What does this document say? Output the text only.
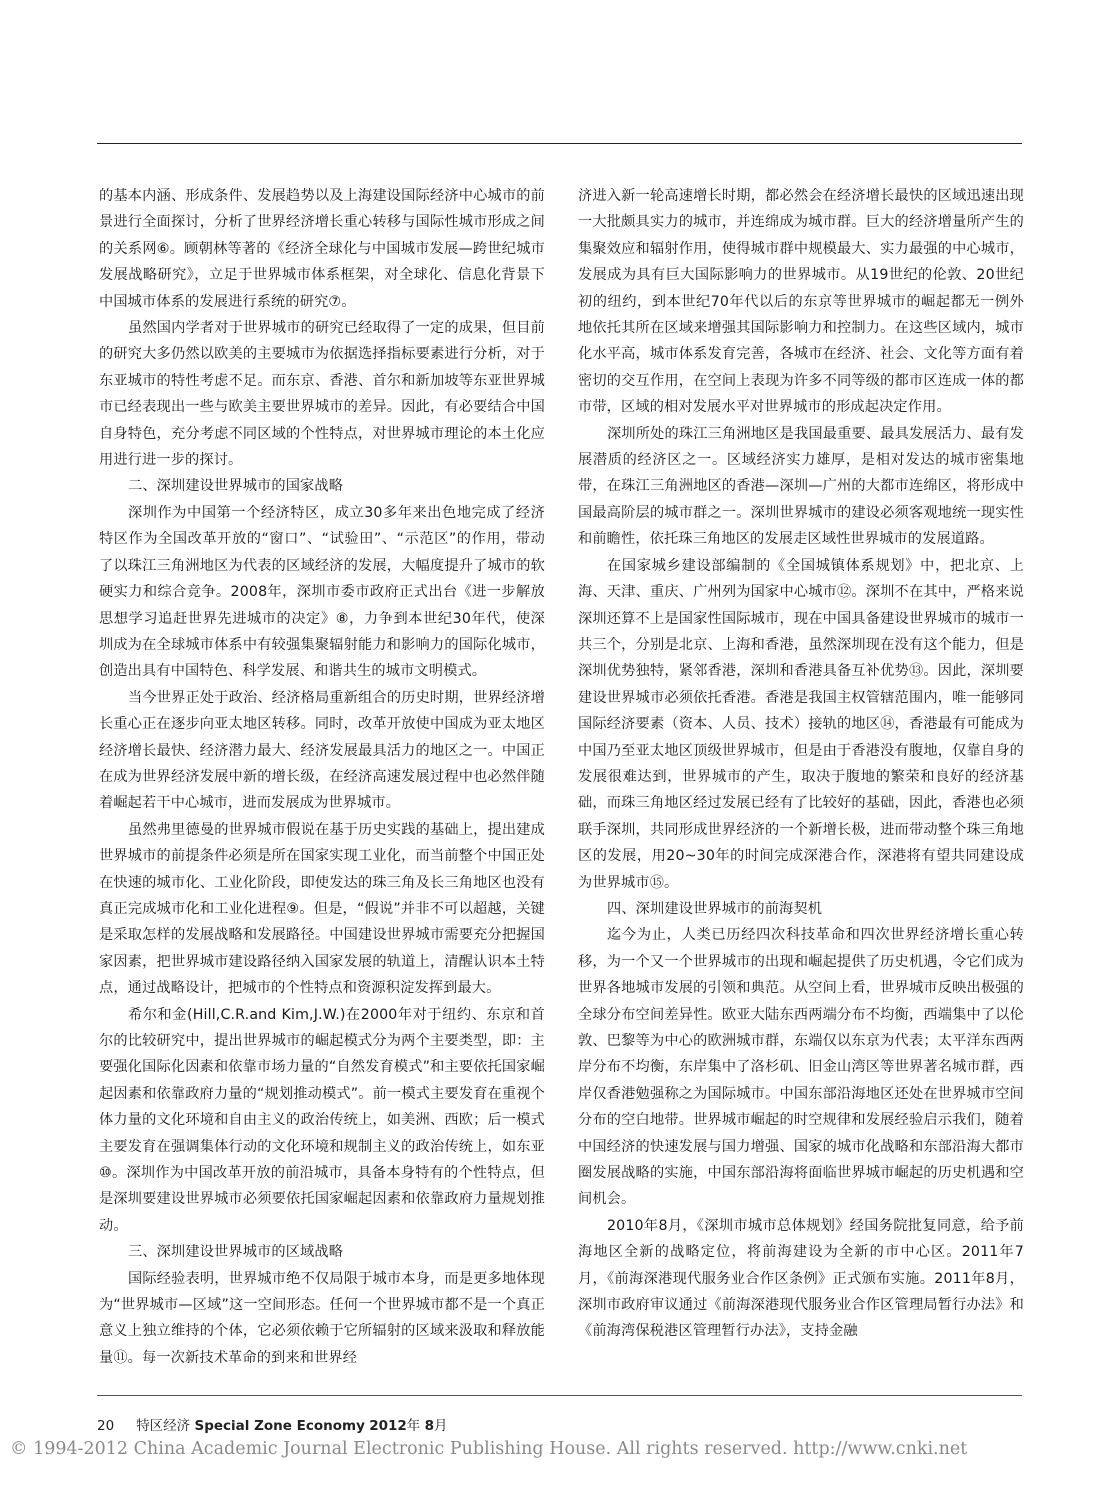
的基本内涵、形成条件、发展趋势以及上海建设国际经济中心城市的前景进行全面探讨，分析了世界经济增长重心转移与国际性城市形成之间的关系网⑥。顾朝林等著的《经济全球化与中国城市发展—跨世纪城市发展战略研究》，立足于世界城市体系框架，对全球化、信息化背景下中国城市体系的发展进行系统的研究⑦。

虽然国内学者对于世界城市的研究已经取得了一定的成果，但目前的研究大多仍然以欧美的主要城市为依据选择指标要素进行分析，对于东亚城市的特性考虑不足。而东京、香港、首尔和新加坡等东亚世界城市已经表现出一些与欧美主要世界城市的差异。因此，有必要结合中国自身特色，充分考虑不同区域的个性特点，对世界城市理论的本土化应用进行进一步的探讨。

二、深圳建设世界城市的国家战略

深圳作为中国第一个经济特区，成立30多年来出色地完成了经济特区作为全国改革开放的“窗口”、“试验田”、“示范区”的作用，带动了以珠江三角洲地区为代表的区域经济的发展，大幅度提升了城市的软硬实力和综合竞争。2008年，深圳市委市政府正式出台《进一步解放思想学习追赶世界先进城市的决定》⑧，力争到本世纪30年代，使深圳成为在全球城市体系中有较强集聚辐射能力和影响力的国际化城市，创造出具有中国特色、科学发展、和谐共生的城市文明模式。

当今世界正处于政治、经济格局重新组合的历史时期，世界经济增长重心正在逐步向亚太地区转移。同时，改革开放使中国成为亚太地区经济增长最快、经济潜力最大、经济发展最具活力的地区之一。中国正在成为世界经济发展中新的增长级，在经济高速发展过程中也必然伴随着崛起若干中心城市，进而发展成为世界城市。

虽然弗里德曼的世界城市假说在基于历史实践的基础上，提出建成世界城市的前提条件必须是所在国家实现工业化，而当前整个中国正处在快速的城市化、工业化阶段，即使发达的珠三角及长三角地区也没有真正完成城市化和工业化进程⑨。但是，“假说”并非不可以超越，关键是采取怎样的发展战略和发展路径。中国建设世界城市需要充分把握国家因素，把世界城市建设路径纳入国家发展的轨道上，清醒认识本土特点，通过战略设计，把城市的个性特点和资源积淀发挥到最大。

希尔和金(Hill,C.R.and Kim,J.W.)在2000年对于纽约、东京和首尔的比较研究中，提出世界城市的崛起模式分为两个主要类型，即：主要强化国际化因素和依靠市场力量的“自然发育模式”和主要依托国家崛起因素和依靠政府力量的“规划推动模式”。前一模式主要发育在重视个体力量的文化环境和自由主义的政治传统上，如美洲、西欧；后一模式主要发育在强调集体行动的文化环境和规制主义的政治传统上，如东亚⑩。深圳作为中国改革开放的前沿城市，具备本身特有的个性特点，但是深圳要建设世界城市必须要依托国家崛起因素和依靠政府力量规划推动。

三、深圳建设世界城市的区域战略

国际经验表明，世界城市绝不仅局限于城市本身，而是更多地体现为“世界城市—区域”这一空间形态。任何一个世界城市都不是一个真正意义上独立维持的个体，它必须依赖于它所辐射的区域来汲取和释放能量⑪。每一次新技术革命的到来和世界经

济进入新一轮高速增长时期，都必然会在经济增长最快的区域迅速出现一大批颇具实力的城市，并连绵成为城市群。巨大的经济增量所产生的集聚效应和辐射作用，使得城市群中规模最大、实力最强的中心城市，发展成为具有巨大国际影响力的世界城市。从19世纪的伦敦、20世纪初的纽约，到本世纪70年代以后的东京等世界城市的崛起都无一例外地依托其所在区域来增强其国际影响力和控制力。在这些区域内，城市化水平高，城市体系发育完善，各城市在经济、社会、文化等方面有着密切的交互作用，在空间上表现为许多不同等级的都市区连成一体的都市带，区域的相对发展水平对世界城市的形成起决定作用。

深圳所处的珠江三角洲地区是我国最重要、最具发展活力、最有发展潜质的经济区之一。区域经济实力雄厚，是相对发达的城市密集地带，在珠江三角洲地区的香港—深圳—广州的大都市连绵区，将形成中国最高阶层的城市群之一。深圳世界城市的建设必须客观地统一现实性和前瞻性，依托珠三角地区的发展走区域性世界城市的发展道路。

在国家城乡建设部编制的《全国城镇体系规划》中，把北京、上海、天津、重庆、广州列为国家中心城市⑫。深圳不在其中，严格来说深圳还算不上是国家性国际城市，现在中国具备建设世界城市的城市一共三个，分别是北京、上海和香港，虽然深圳现在没有这个能力，但是深圳优势独特，紧邻香港，深圳和香港具备互补优势⑬。因此，深圳要建设世界城市必须依托香港。香港是我国主权管辖范围内，唯一能够同国际经济要素（资本、人员、技术）接轨的地区⑭，香港最有可能成为中国乃至亚太地区顶级世界城市，但是由于香港没有腹地，仅靠自身的发展很难达到，世界城市的产生，取决于腹地的繁荣和良好的经济基础，而珠三角地区经过发展已经有了比较好的基础，因此，香港也必须联手深圳，共同形成世界经济的一个新增长极，进而带动整个珠三角地区的发展，用20~30年的时间完成深港合作，深港将有望共同建设成为世界城市⑮。

四、深圳建设世界城市的前海契机

迄今为止，人类已历经四次科技革命和四次世界经济增长重心转移，为一个又一个世界城市的出现和崛起提供了历史机遇，令它们成为世界各地城市发展的引领和典范。从空间上看，世界城市反映出极强的全球分布空间差异性。欧亚大陆东西两端分布不均衡，西端集中了以伦敦、巴黎等为中心的欧洲城市群，东端仅以东京为代表；太平洋东西两岸分布不均衡，东岸集中了洛杉矶、旧金山湾区等世界著名城市群，西岸仅香港勉强称之为国际城市。中国东部沿海地区还处在世界城市空间分布的空白地带。世界城市崛起的时空规律和发展经验启示我们，随着中国经济的快速发展与国力增强、国家的城市化战略和东部沿海大都市圈发展战略的实施，中国东部沿海将面临世界城市崛起的历史机遇和空间机会。

2010年8月，《深圳市城市总体规划》经国务院批复同意，给予前海地区全新的战略定位，将前海建设为全新的市中心区。2011年7月，《前海深港现代服务业合作区条例》正式颁布实施。2011年8月，深圳市政府审议通过《前海深港现代服务业合作区管理局暂行办法》和《前海湾保税港区管理暂行办法》，支持金融

20 特区经济 Special Zone Economy 2012年 8月
© 1994-2012 China Academic Journal Electronic Publishing House. All rights reserved. http://www.cnki.net
